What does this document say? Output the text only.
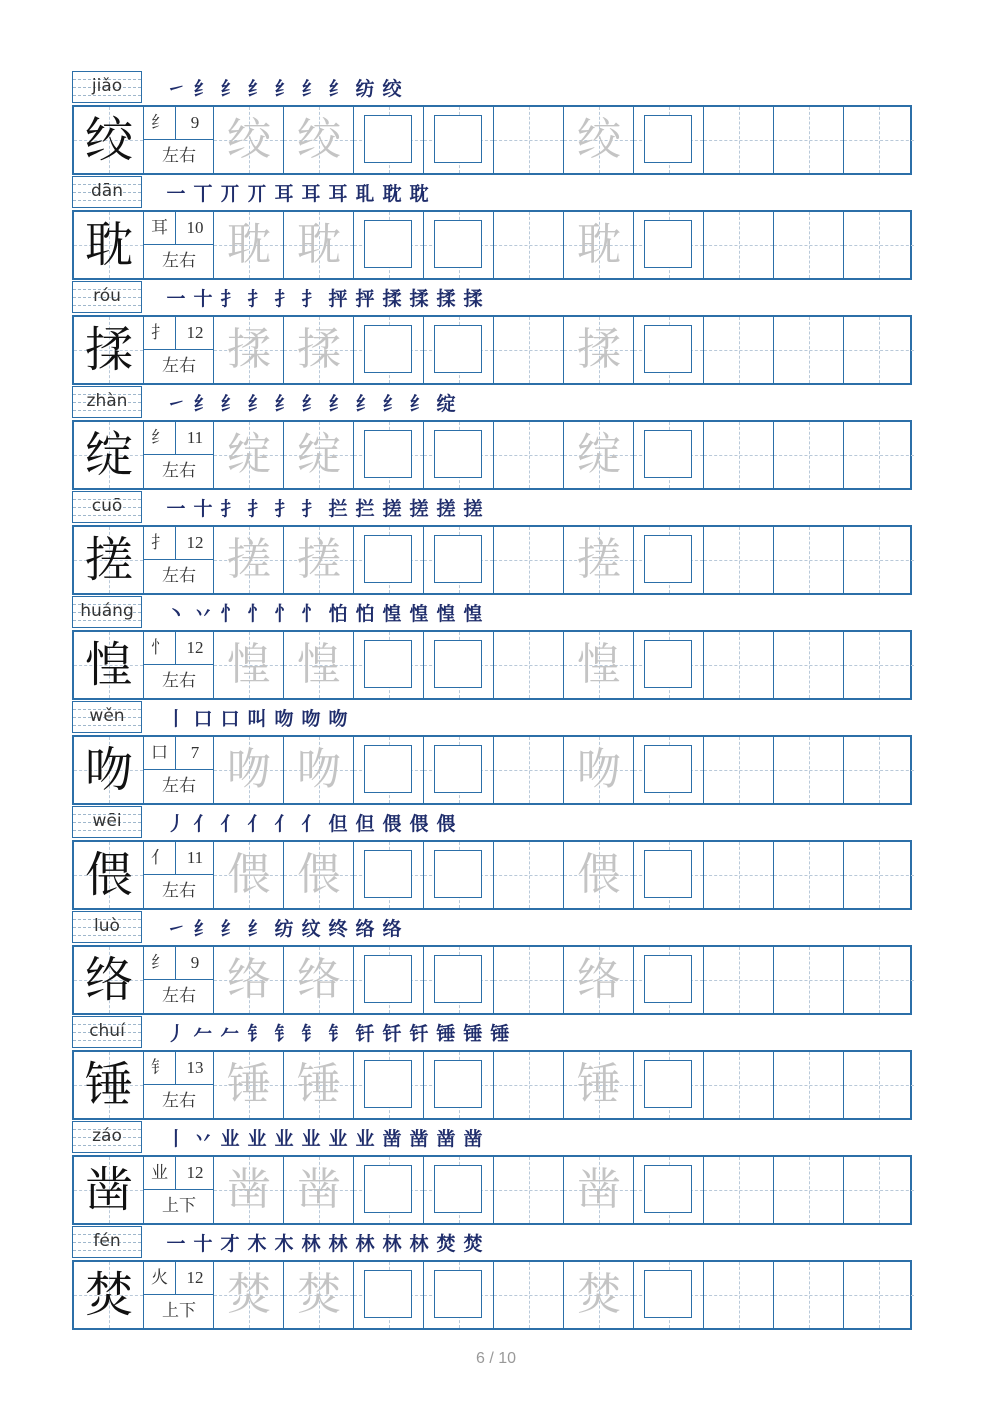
jiǎo	㇀ 纟 纟 纟 纟 纟 纟 纺 绞
绞	纟	9
左右 绞 绞	绞
dān	一 丅 丌 丌 耳 耳 耳 耴 耽 耽
耽	耳	10
左右 耽 耽	耽
róu	一 十 扌 扌 扌 扌 抨 抨 揉 揉 揉 揉
揉	扌	12
左右 揉 揉	揉
zhàn	㇀ 纟 纟 纟 纟 纟 纟 纟 纟 纟 绽
绽	纟	11
左右 绽 绽	绽
cuō	一 十 扌 扌 扌 扌 拦 拦 搓 搓 搓 搓
搓	扌	12
左右 搓 搓	搓
huáng	丶 丷 忄 忄 忄 忄 怕 怕 惶 惶 惶 惶
惶	忄	12
左右 惶 惶	惶
wěn	丨 口 口 叫 吻 吻 吻
吻	口	7
左右 吻 吻	吻
wēi	丿 亻 亻 亻 亻 亻 但 但 偎 偎 偎
偎	亻	11
左右 偎 偎	偎
luò	㇀ 纟 纟 纟 纺 纹 终 络 络
络	纟	9
左右 络 络	络
chuí	丿 𠂉 𠂉 钅 钅 钅 钅 钎 钎 钎 锤 锤 锤
锤	钅	13
左右 锤 锤	锤
záo	丨 丷 业 业 业 业 业 业 凿 凿 凿 凿
凿	业	12
上下 凿 凿	凿
fén	一 十 才 木 木 林 林 林 林 林 焚 焚
焚	火	12
上下 焚 焚	焚
6 / 10
